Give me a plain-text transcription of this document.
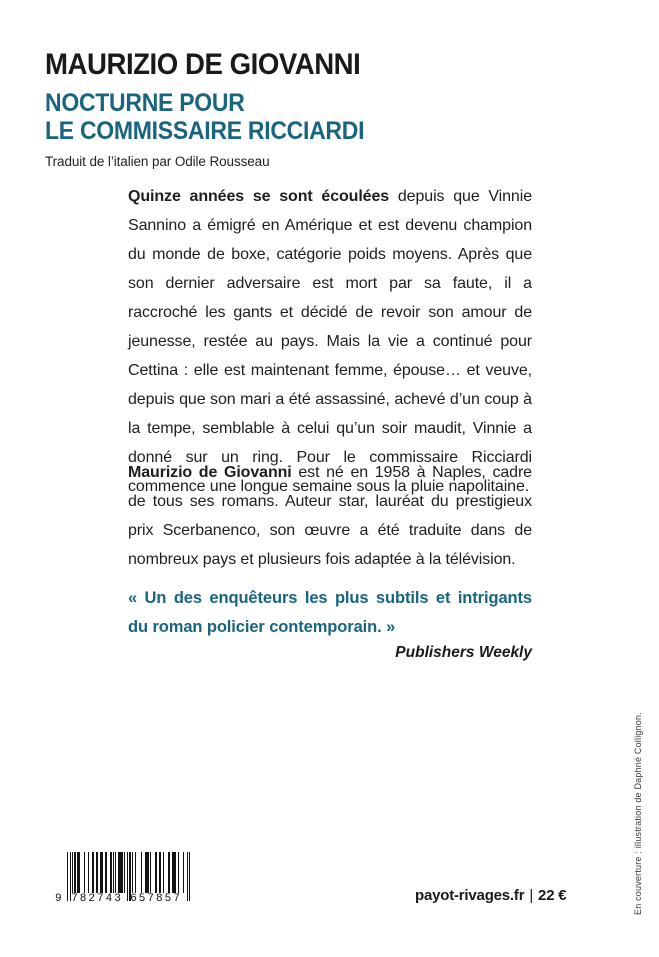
MAURIZIO DE GIOVANNI
NOCTURNE POUR
LE COMMISSAIRE RICCIARDI
Traduit de l’italien par Odile Rousseau

Quinze années se sont écoulées depuis que Vinnie Sannino a émigré en Amérique et est devenu champion du monde de boxe, catégorie poids moyens. Après que son dernier adversaire est mort par sa faute, il a raccroché les gants et décidé de revoir son amour de jeunesse, restée au pays. Mais la vie a continué pour Cettina : elle est maintenant femme, épouse… et veuve, depuis que son mari a été assassiné, achevé d’un coup à la tempe, semblable à celui qu’un soir maudit, Vinnie a donné sur un ring. Pour le commissaire Ricciardi commence une longue semaine sous la pluie napolitaine.

Maurizio de Giovanni est né en 1958 à Naples, cadre de tous ses romans. Auteur star, lauréat du prestigieux prix Scerbanenco, son œuvre a été traduite dans de nombreux pays et plusieurs fois adaptée à la télévision.

« Un des enquêteurs les plus subtils et intrigants du roman policier contemporain. »

Publishers Weekly
9 782743 657857	payot-rivages.fr | 22 €	En couverture : illustration de Daphné Collignon.
